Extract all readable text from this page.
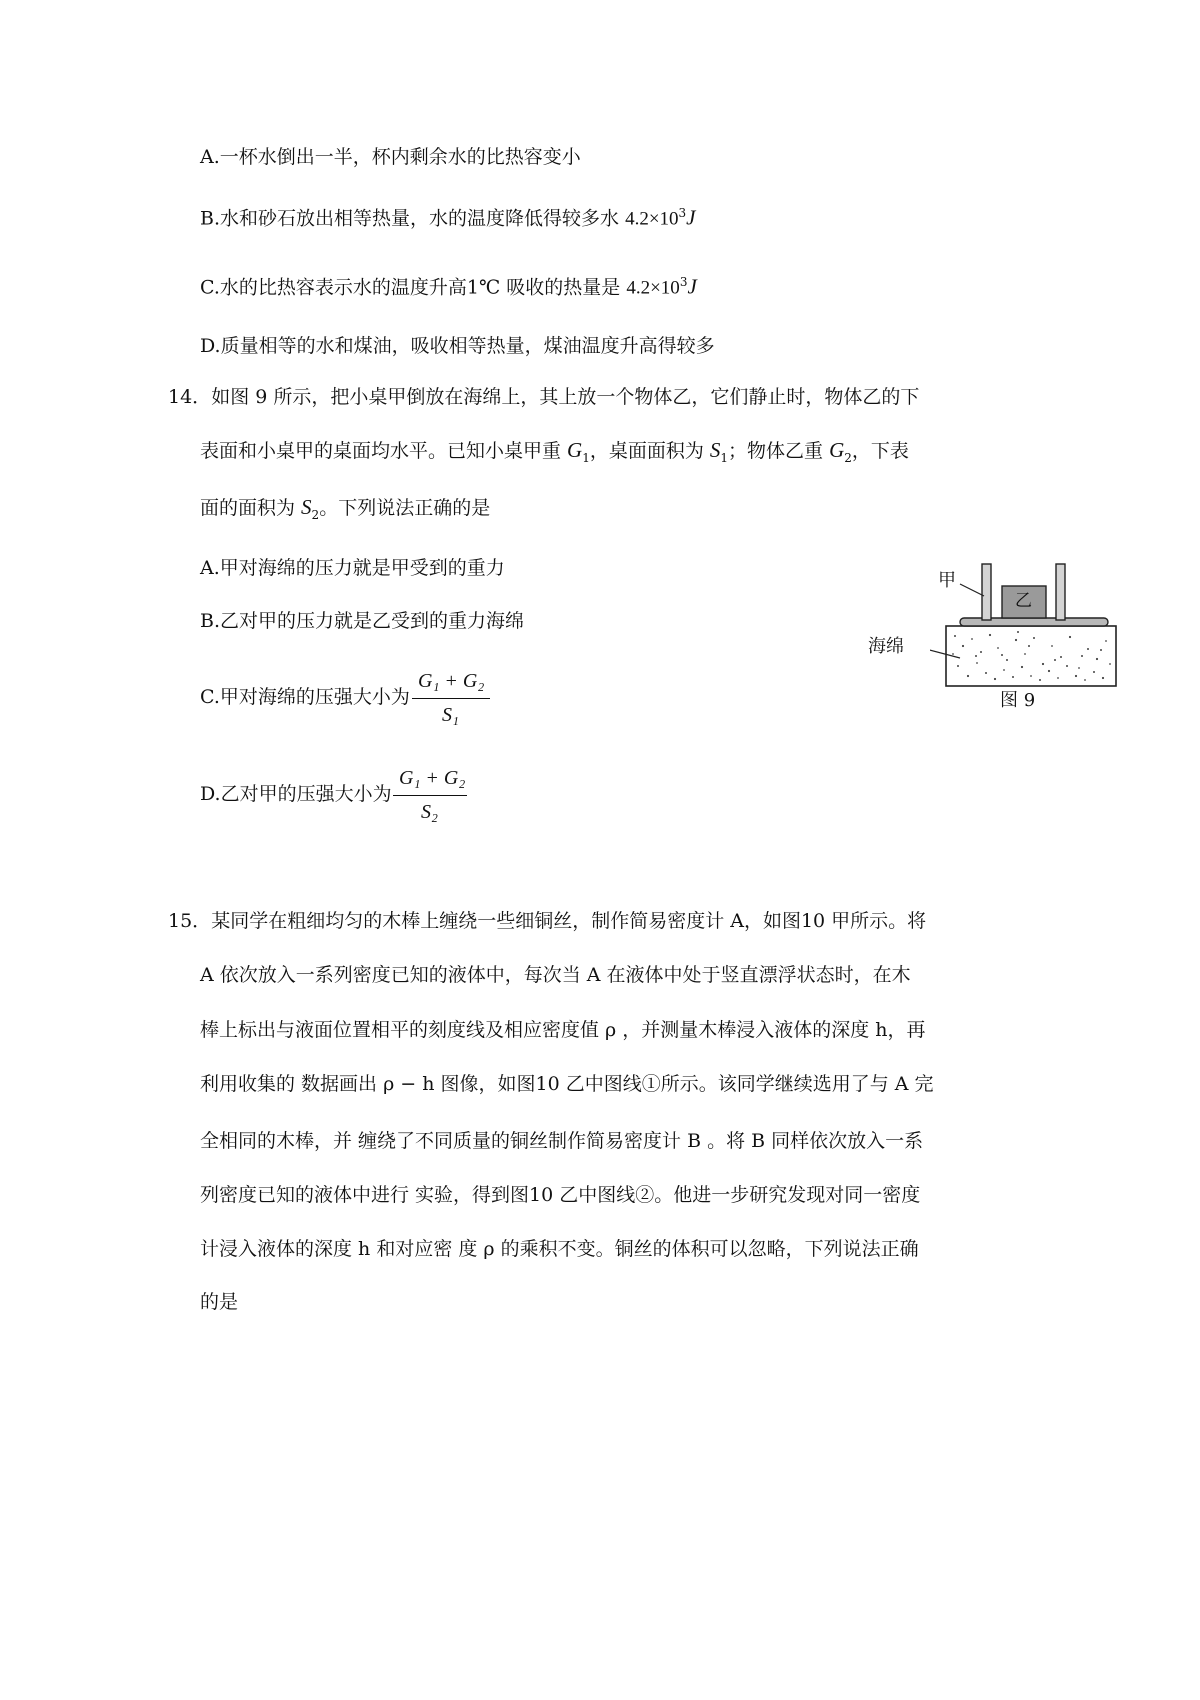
A.一杯水倒出一半，杯内剩余水的比热容变小
B.水和砂石放出相等热量，水的温度降低得较多水 $4.2\times 10^3J$
C.水的比热容表示水的温度升高1℃ 吸收的热量是 $4.2\times 10^3J$
D.质量相等的水和煤油，吸收相等热量，煤油温度升高得较多
14．如图 9 所示，把小桌甲倒放在海绵上，其上放一个物体乙，它们静止时，物体乙的下
表面和小桌甲的桌面均水平。已知小桌甲重 $G_1$，桌面面积为 $S_1$；物体乙重 $G_2$，下表
面的面积为 $S_2$。下列说法正确的是
A.甲对海绵的压力就是甲受到的重力
B.乙对甲的压力就是乙受到的重力海绵
C.甲对海绵的压强大小为
G₁ + G₂
S₁
D.乙对甲的压强大小为
G₁ + G₂
S₂
甲
乙
海绵
图 9
15．某同学在粗细均匀的木棒上缠绕一些细铜丝，制作简易密度计 A，如图10 甲所示。将
A 依次放入一系列密度已知的液体中，每次当 A 在液体中处于竖直漂浮状态时，在木
棒上标出与液面位置相平的刻度线及相应密度值 ρ ，并测量木棒浸入液体的深度 h，再
利用收集的 数据画出 ρ − h 图像，如图10 乙中图线①所示。该同学继续选用了与 A 完
全相同的木棒，并 缠绕了不同质量的铜丝制作简易密度计 B 。将 B 同样依次放入一系
列密度已知的液体中进行 实验，得到图10 乙中图线②。他进一步研究发现对同一密度
计浸入液体的深度 h 和对应密 度 ρ 的乘积不变。铜丝的体积可以忽略，下列说法正确
的是
